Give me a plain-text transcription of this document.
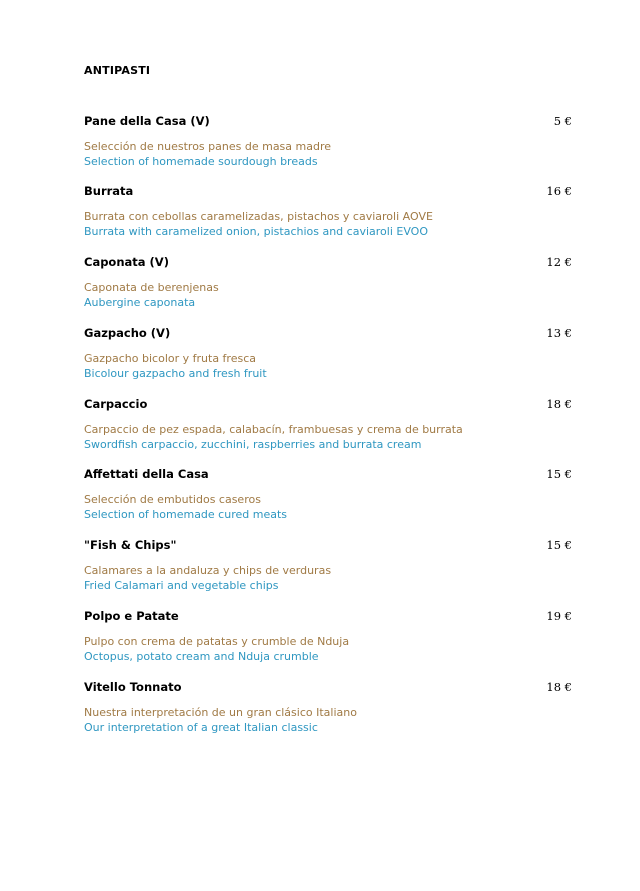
ANTIPASTI
Pane della Casa (V)	5 €
Selección de nuestros panes de masa madre
Selection of homemade sourdough breads
Burrata	16 €
Burrata con cebollas caramelizadas, pistachos y caviaroli AOVE
Burrata with caramelized onion, pistachios and caviaroli EVOO
Caponata (V)	12 €
Caponata de berenjenas
Aubergine caponata
Gazpacho (V)	13 €
Gazpacho bicolor y fruta fresca
Bicolour gazpacho and fresh fruit
Carpaccio	18 €
Carpaccio de pez espada, calabacín, frambuesas y crema de burrata
Swordfish carpaccio, zucchini, raspberries and burrata cream
Affettati della Casa	15 €
Selección de embutidos caseros
Selection of homemade cured meats
"Fish & Chips"	15 €
Calamares a la andaluza y chips de verduras
Fried Calamari and vegetable chips
Polpo e Patate	19 €
Pulpo con crema de patatas y crumble de Nduja
Octopus, potato cream and Nduja crumble
Vitello Tonnato	18 €
Nuestra interpretación de un gran clásico Italiano
Our interpretation of a great Italian classic
